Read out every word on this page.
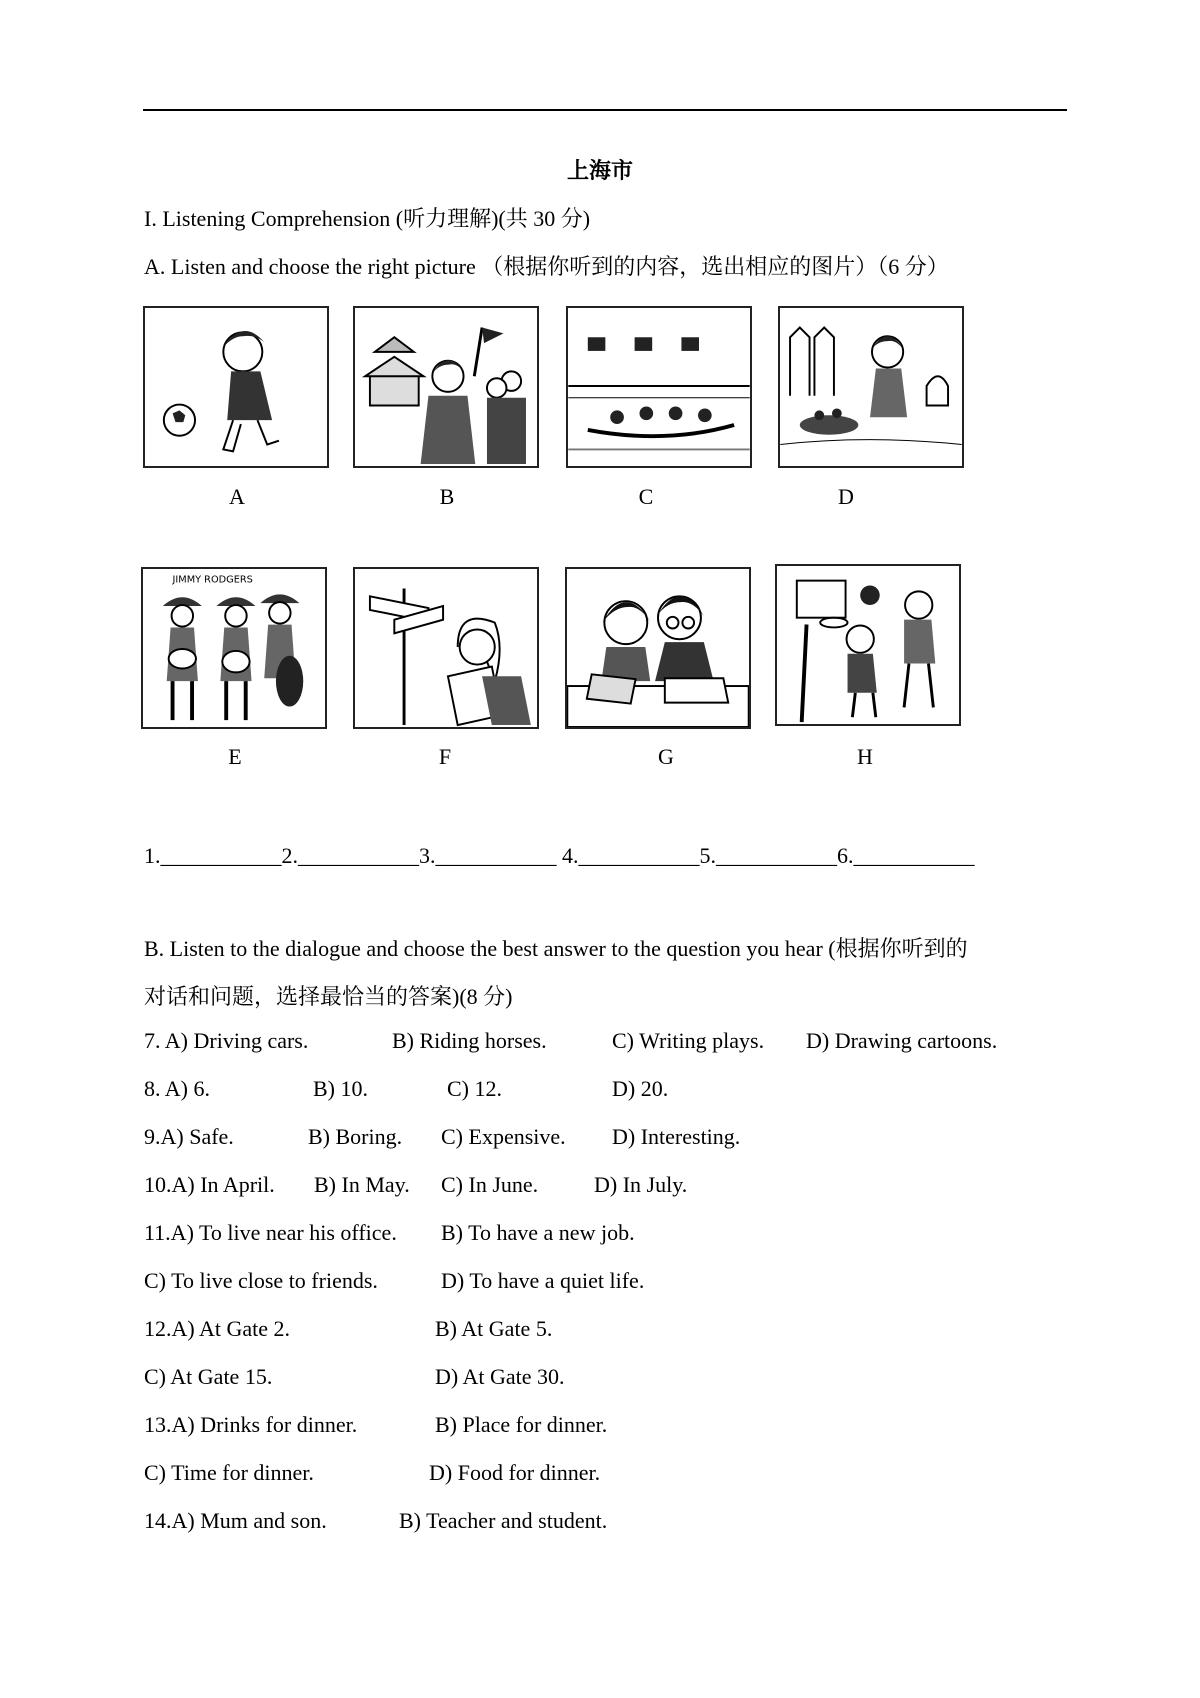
上海市
I. Listening Comprehension (听力理解)(共 30 分)
A. Listen and choose the right picture （根据你听到的内容，选出相应的图片）（6 分）
A	B	C	D
JIMMY RODGERS
E	F	G	H
1.___________2.___________3.___________ 4.___________5.___________6.___________
B. Listen to the dialogue and choose the best answer to the question you hear (根据你听到的
对话和问题，选择最恰当的答案)(8 分)
7. A) Driving cars.	B) Riding horses.	C) Writing plays. D) Drawing cartoons.
8. A) 6.	B) 10.	C) 12.	D) 20.
9.A) Safe.	B) Boring. C) Expensive. D) Interesting.
10.A) In April. B) In May. C) In June.	D) In July.
11.A) To live near his office. B) To have a new job.
C) To live close to friends.	D) To have a quiet life.
12.A) At Gate 2.	B) At Gate 5.
C) At Gate 15.	D) At Gate 30.
13.A) Drinks for dinner.	B) Place for dinner.
C) Time for dinner.	D) Food for dinner.
14.A) Mum and son.	B) Teacher and student.
